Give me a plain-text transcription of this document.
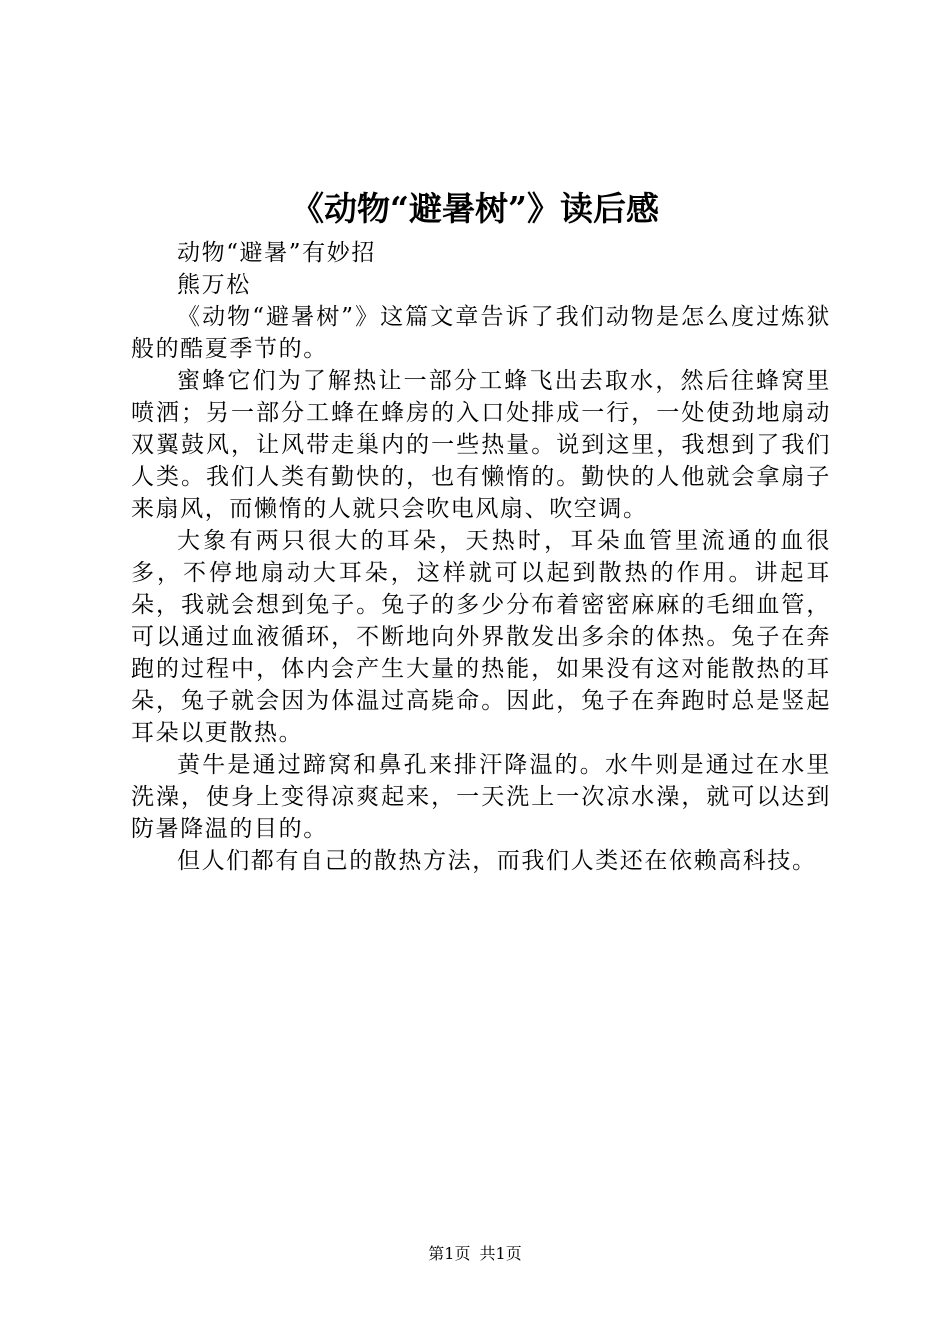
《动物“避暑树”》读后感

动物“避暑”有妙招

熊万松

《动物“避暑树”》这篇文章告诉了我们动物是怎么度过炼狱般的酷夏季节的。

蜜蜂它们为了解热让一部分工蜂飞出去取水，然后往蜂窝里喷洒；另一部分工蜂在蜂房的入口处排成一行，一处使劲地扇动双翼鼓风，让风带走巢内的一些热量。说到这里，我想到了我们人类。我们人类有勤快的，也有懒惰的。勤快的人他就会拿扇子来扇风，而懒惰的人就只会吹电风扇、吹空调。

大象有两只很大的耳朵，天热时，耳朵血管里流通的血很多，不停地扇动大耳朵，这样就可以起到散热的作用。讲起耳朵，我就会想到兔子。兔子的多少分布着密密麻麻的毛细血管，可以通过血液循环，不断地向外界散发出多余的体热。兔子在奔跑的过程中，体内会产生大量的热能，如果没有这对能散热的耳朵，兔子就会因为体温过高毙命。因此，兔子在奔跑时总是竖起耳朵以更散热。

黄牛是通过蹄窝和鼻孔来排汗降温的。水牛则是通过在水里洗澡，使身上变得凉爽起来，一天洗上一次凉水澡，就可以达到防暑降温的目的。

但人们都有自己的散热方法，而我们人类还在依赖高科技。

第1页 共1页
